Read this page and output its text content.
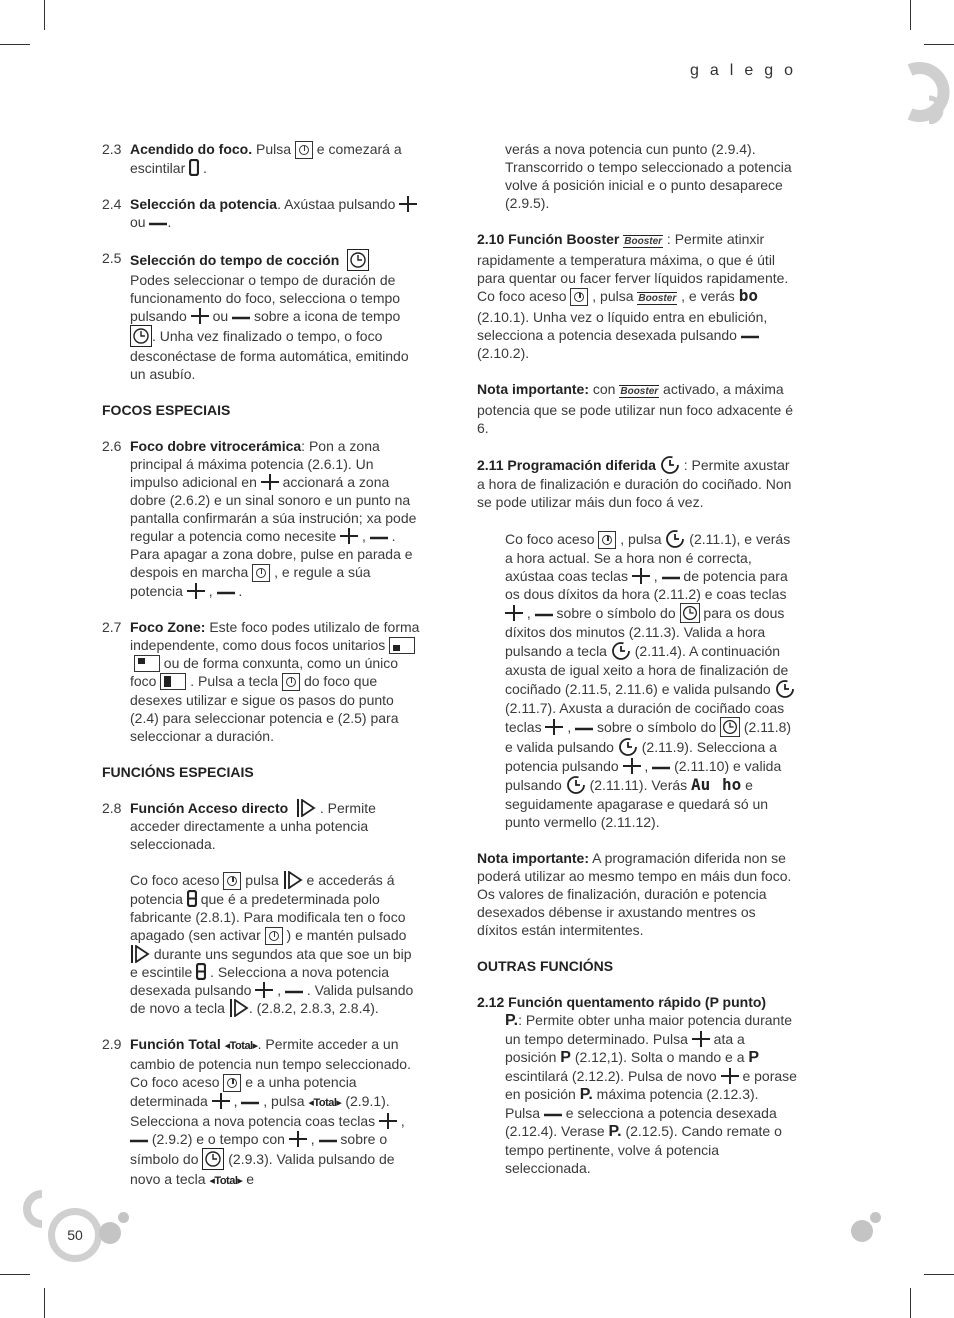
galego
2.3 Acendido do foco. Pulsa  e comezará a escintilar  .

2.4 Selección da potencia. Axústaa pulsando  ou .

2.5 Selección do tempo de cocción
Podes seleccionar o tempo de duración de funcionamento do foco, selecciona o tempo pulsando  ou  sobre a icona de tempo . Unha vez finalizado o tempo, o foco desconéctase de forma automática, emitindo un asubío.

FOCOS ESPECIAIS
2.6 Foco dobre vitrocerámica: Pon a zona principal á máxima potencia (2.6.1). Un impulso adicional en  accionará a zona dobre (2.6.2) e un sinal sonoro e un punto na pantalla confirmarán a súa instrución; xa pode regular a potencia como necesite  ,  . Para apagar a zona dobre, pulse en parada e despois en marcha  , e regule a súa potencia  ,  .

2.7 Foco Zone: Este foco podes utilizalo de forma independente, como dous focos unitarios

ou de forma conxunta, como un único foco
. Pulsa a tecla  do foco que desexes utilizar e sigue os pasos do punto (2.4) para seleccionar potencia e (2.5) para seleccionar a duración.

FUNCIÓNS ESPECIAIS
2.8 Función Acceso directo   . Permite acceder directamente a unha potencia seleccionada.

Co foco aceso  pulsa  e accederás á potencia  que é a predeterminada polo fabricante (2.8.1). Para modificala ten o foco apagado (sen activar  ) e mantén pulsado  durante uns segundos ata que soe un bip e escintile  . Selecciona a nova potencia desexada pulsando  ,  . Valida pulsando de novo a tecla . (2.8.2, 2.8.3, 2.8.4).

2.9 Función Total ◂Total▸. Permite acceder a un cambio de potencia nun tempo seleccionado. Co foco aceso  e a unha potencia determinada  ,  , pulsa ◂Total▸ (2.9.1). Selecciona a nova potencia coas teclas  ,  (2.9.2) e o tempo con  ,  sobre o símbolo do  (2.9.3). Valida pulsando de novo a tecla ◂Total▸ e

verás a nova potencia cun punto (2.9.4). Transcorrido o tempo seleccionado a potencia volve á posición inicial e o punto desaparece (2.9.5).

2.10 Función Booster Booster : Permite atinxir rapidamente a temperatura máxima, o que é útil para quentar ou facer ferver líquidos rapidamente. Co foco aceso  , pulsa Booster , e verás bo (2.10.1). Unha vez o líquido entra en ebulición, selecciona a potencia desexada pulsando  (2.10.2).

Nota importante: con Booster activado, a máxima potencia que se pode utilizar nun foco adxacente é 6.

2.11 Programación diferida  : Permite axustar a hora de finalización e duración do cociñado. Non se pode utilizar máis dun foco á vez.

Co foco aceso  , pulsa  (2.11.1), e verás a hora actual. Se a hora non é correcta, axústaa coas teclas  ,  de potencia para os dous díxitos da hora (2.11.2) e coas teclas  ,  sobre o símbolo do  para os dous díxitos dos minutos (2.11.3). Valida a hora pulsando a tecla  (2.11.4). A continuación axusta de igual xeito a hora de finalización de cociñado (2.11.5, 2.11.6) e valida pulsando  (2.11.7). Axusta a duración de cociñado coas teclas  ,  sobre o símbolo do  (2.11.8) e valida pulsando  (2.11.9). Selecciona a potencia pulsando  ,  (2.11.10) e valida pulsando  (2.11.11). Verás Au ho e seguidamente apagarase e quedará só un punto vermello (2.11.12).

Nota importante: A programación diferida non se poderá utilizar ao mesmo tempo en máis dun foco. Os valores de finalización, duración e potencia desexados débense ir axustando mentres os díxitos están intermitentes.

OUTRAS FUNCIÓNS

2.12 Función quentamento rápido (P punto)

P.: Permite obter unha maior potencia durante un tempo determinado. Pulsa  ata a posición P (2.12,1). Solta o mando e a P escintilará (2.12.2). Pulsa de novo  e porase en posición P. máxima potencia (2.12.3). Pulsa  e selecciona a potencia desexada (2.12.4). Verase P. (2.12.5). Cando remate o tempo pertinente, volve á potencia seleccionada.

50
